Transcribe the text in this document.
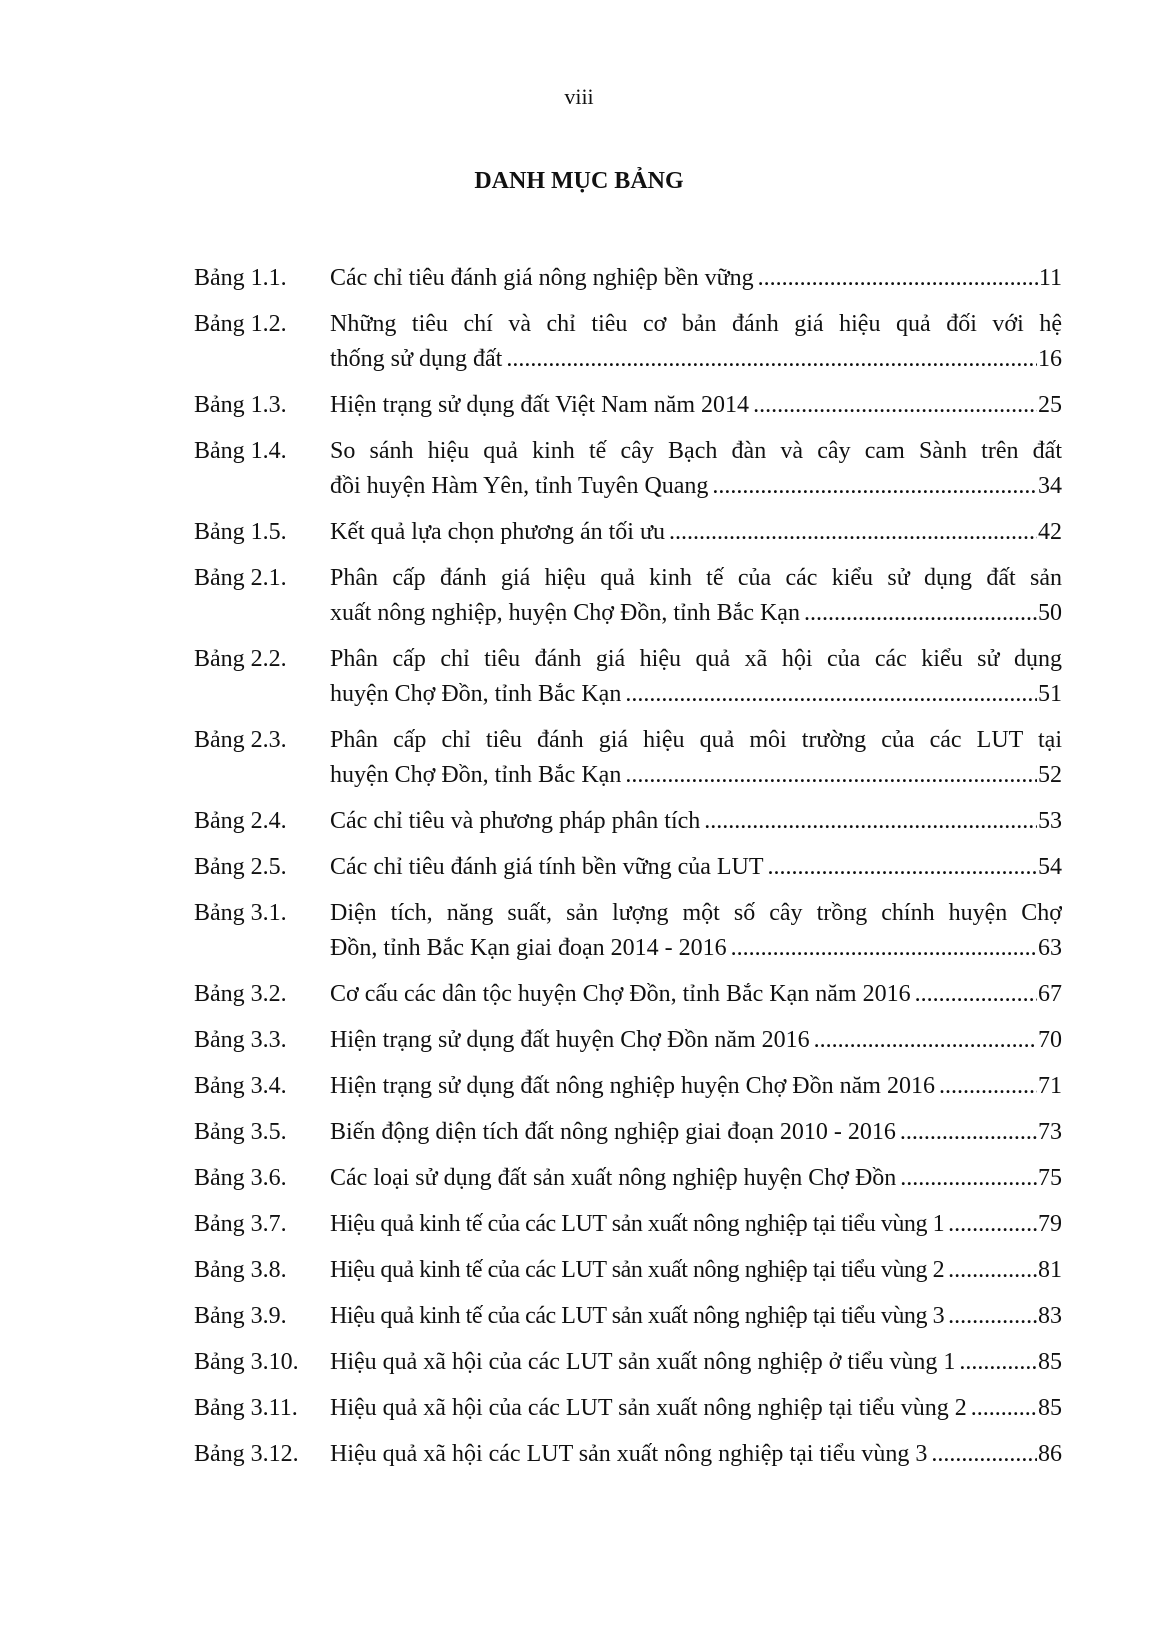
viii
DANH MỤC BẢNG
Bảng 1.1.	Các chỉ tiêu đánh giá nông nghiệp bền vững .....	11
Bảng 1.2.	Những tiêu chí và chỉ tiêu cơ bản đánh giá hiệu quả đối với hệ
thống sử dụng đất .....	16
Bảng 1.3.	Hiện trạng sử dụng đất Việt Nam năm 2014 .....	25
Bảng 1.4.	So sánh hiệu quả kinh tế cây Bạch đàn và cây cam Sành trên đất
đồi huyện Hàm Yên, tỉnh Tuyên Quang .....	34
Bảng 1.5.	Kết quả lựa chọn phương án tối ưu .....	42
Bảng 2.1.	Phân cấp đánh giá hiệu quả kinh tế của các kiểu sử dụng đất sản
xuất nông nghiệp, huyện Chợ Đồn, tỉnh Bắc Kạn .....	50
Bảng 2.2.	Phân cấp chỉ tiêu đánh giá hiệu quả xã hội của các kiểu sử dụng
huyện Chợ Đồn, tỉnh Bắc Kạn .....	51
Bảng 2.3.	Phân cấp chỉ tiêu đánh giá hiệu quả môi trường của các LUT tại
huyện Chợ Đồn, tỉnh Bắc Kạn .....	52
Bảng 2.4.	Các chỉ tiêu và phương pháp phân tích .....	53
Bảng 2.5.	Các chỉ tiêu đánh giá tính bền vững của LUT .....	54
Bảng 3.1.	Diện tích, năng suất, sản lượng một số cây trồng chính huyện Chợ
Đồn, tỉnh Bắc Kạn giai đoạn 2014 - 2016 .....	63
Bảng 3.2.	Cơ cấu các dân tộc huyện Chợ Đồn, tỉnh Bắc Kạn năm 2016 .....	67
Bảng 3.3.	Hiện trạng sử dụng đất huyện Chợ Đồn năm 2016 .....	70
Bảng 3.4.	Hiện trạng sử dụng đất nông nghiệp huyện Chợ Đồn năm 2016 .....	71
Bảng 3.5.	Biến động diện tích đất nông nghiệp giai đoạn 2010 - 2016 .....	73
Bảng 3.6.	Các loại sử dụng đất sản xuất nông nghiệp huyện Chợ Đồn .....	75
Bảng 3.7.	Hiệu quả kinh tế của các LUT sản xuất nông nghiệp tại tiểu vùng 1 .....	79
Bảng 3.8.	Hiệu quả kinh tế của các LUT sản xuất nông nghiệp tại tiểu vùng 2 .....	81
Bảng 3.9.	Hiệu quả kinh tế của các LUT sản xuất nông nghiệp tại tiểu vùng 3 .....	83
Bảng 3.10.	Hiệu quả xã hội của các LUT sản xuất nông nghiệp ở tiểu vùng 1 .....	85
Bảng 3.11.	Hiệu quả xã hội của các LUT sản xuất nông nghiệp tại tiểu vùng 2 .....	85
Bảng 3.12.	Hiệu quả xã hội các LUT sản xuất nông nghiệp tại tiểu vùng 3 .....	86
